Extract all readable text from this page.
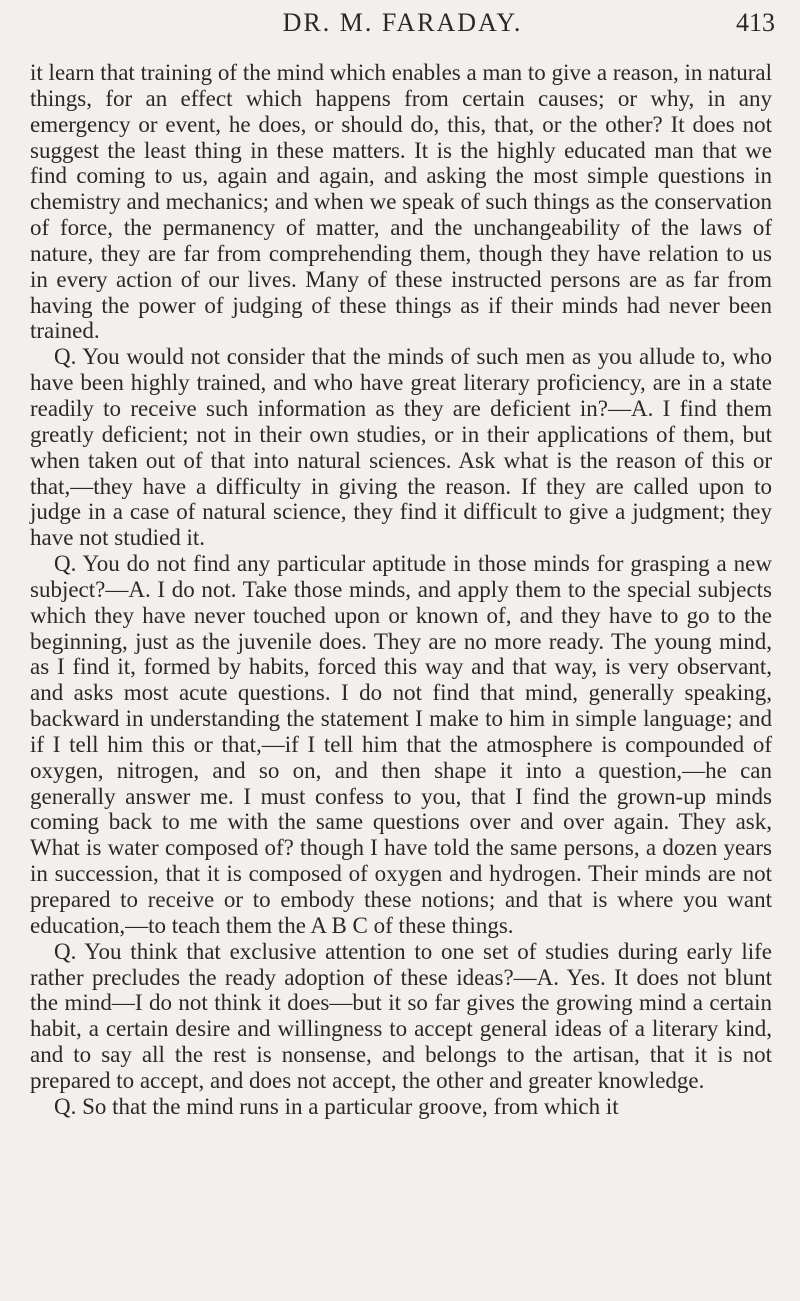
DR. M. FARADAY.	413

it learn that training of the mind which enables a man to give a reason, in natural things, for an effect which happens from certain causes; or why, in any emergency or event, he does, or should do, this, that, or the other? It does not suggest the least thing in these matters. It is the highly educated man that we find coming to us, again and again, and asking the most simple questions in chemistry and mechanics; and when we speak of such things as the conservation of force, the permanency of matter, and the unchangeability of the laws of nature, they are far from comprehending them, though they have relation to us in every action of our lives. Many of these instructed persons are as far from having the power of judging of these things as if their minds had never been trained.

Q. You would not consider that the minds of such men as you allude to, who have been highly trained, and who have great literary proficiency, are in a state readily to receive such information as they are deficient in?—A. I find them greatly deficient; not in their own studies, or in their applications of them, but when taken out of that into natural sciences. Ask what is the reason of this or that,—they have a difficulty in giving the reason. If they are called upon to judge in a case of natural science, they find it difficult to give a judgment; they have not studied it.

Q. You do not find any particular aptitude in those minds for grasping a new subject?—A. I do not. Take those minds, and apply them to the special subjects which they have never touched upon or known of, and they have to go to the beginning, just as the juvenile does. They are no more ready. The young mind, as I find it, formed by habits, forced this way and that way, is very observant, and asks most acute questions. I do not find that mind, generally speaking, backward in understanding the statement I make to him in simple language; and if I tell him this or that,—if I tell him that the atmosphere is compounded of oxygen, nitrogen, and so on, and then shape it into a question,—he can generally answer me. I must confess to you, that I find the grown-up minds coming back to me with the same questions over and over again. They ask, What is water composed of? though I have told the same persons, a dozen years in succession, that it is composed of oxygen and hydrogen. Their minds are not prepared to receive or to embody these notions; and that is where you want education,—to teach them the A B C of these things.

Q. You think that exclusive attention to one set of studies during early life rather precludes the ready adoption of these ideas?—A. Yes. It does not blunt the mind—I do not think it does—but it so far gives the growing mind a certain habit, a certain desire and willingness to accept general ideas of a literary kind, and to say all the rest is nonsense, and belongs to the artisan, that it is not prepared to accept, and does not accept, the other and greater knowledge.

Q. So that the mind runs in a particular groove, from which it
